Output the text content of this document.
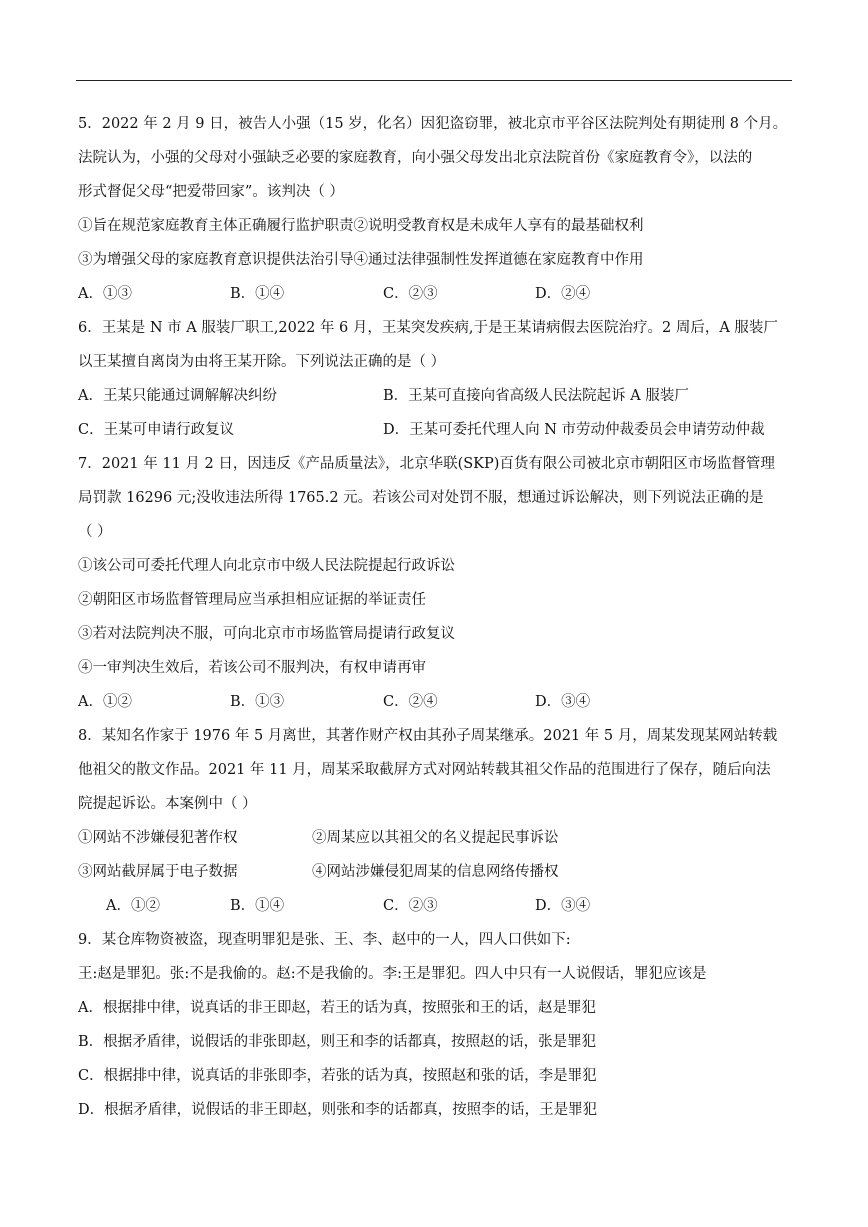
5．2022 年 2 月 9 日，被告人小强（15 岁，化名）因犯盗窃罪，被北京市平谷区法院判处有期徒刑 8 个月。
法院认为，小强的父母对小强缺乏必要的家庭教育，向小强父母发出北京法院首份《家庭教育令》，以法的
形式督促父母“把爱带回家”。该判决（ ）
①旨在规范家庭教育主体正确履行监护职责②说明受教育权是未成年人享有的最基础权利
③为增强父母的家庭教育意识提供法治引导④通过法律强制性发挥道德在家庭教育中作用
A．①③	B．①④	C．②③	D．②④
6．王某是 N 市 A 服装厂职工,2022 年 6 月，王某突发疾病,于是王某请病假去医院治疗。2 周后，A 服装厂
以王某擅自离岗为由将王某开除。下列说法正确的是（ ）
A．王某只能通过调解解决纠纷	B．王某可直接向省高级人民法院起诉 A 服装厂
C．王某可申请行政复议	D．王某可委托代理人向 N 市劳动仲裁委员会申请劳动仲裁
7．2021 年 11 月 2 日，因违反《产品质量法》，北京华联(SKP)百货有限公司被北京市朝阳区市场监督管理
局罚款 16296 元;没收违法所得 1765.2 元。若该公司对处罚不服，想通过诉讼解决，则下列说法正确的是
（ ）
①该公司可委托代理人向北京市中级人民法院提起行政诉讼
②朝阳区市场监督管理局应当承担相应证据的举证责任
③若对法院判决不服，可向北京市市场监管局提请行政复议
④一审判决生效后，若该公司不服判决，有权申请再审
A．①②	B．①③	C．②④	D．③④
8．某知名作家于 1976 年 5 月离世，其著作财产权由其孙子周某继承。2021 年 5 月，周某发现某网站转载
他祖父的散文作品。2021 年 11 月，周某采取截屏方式对网站转载其祖父作品的范围进行了保存，随后向法
院提起诉讼。本案例中（ ）
①网站不涉嫌侵犯著作权	②周某应以其祖父的名义提起民事诉讼
③网站截屏属于电子数据	④网站涉嫌侵犯周某的信息网络传播权
A．①②	B．①④	C．②③	D．③④
9．某仓库物资被盗，现查明罪犯是张、王、李、赵中的一人，四人口供如下:
王:赵是罪犯。张:不是我偷的。赵:不是我偷的。李:王是罪犯。四人中只有一人说假话，罪犯应该是
A．根据排中律，说真话的非王即赵，若王的话为真，按照张和王的话，赵是罪犯
B．根据矛盾律，说假话的非张即赵，则王和李的话都真，按照赵的话，张是罪犯
C．根据排中律，说真话的非张即李，若张的话为真，按照赵和张的话，李是罪犯
D．根据矛盾律，说假话的非王即赵，则张和李的话都真，按照李的话，王是罪犯
